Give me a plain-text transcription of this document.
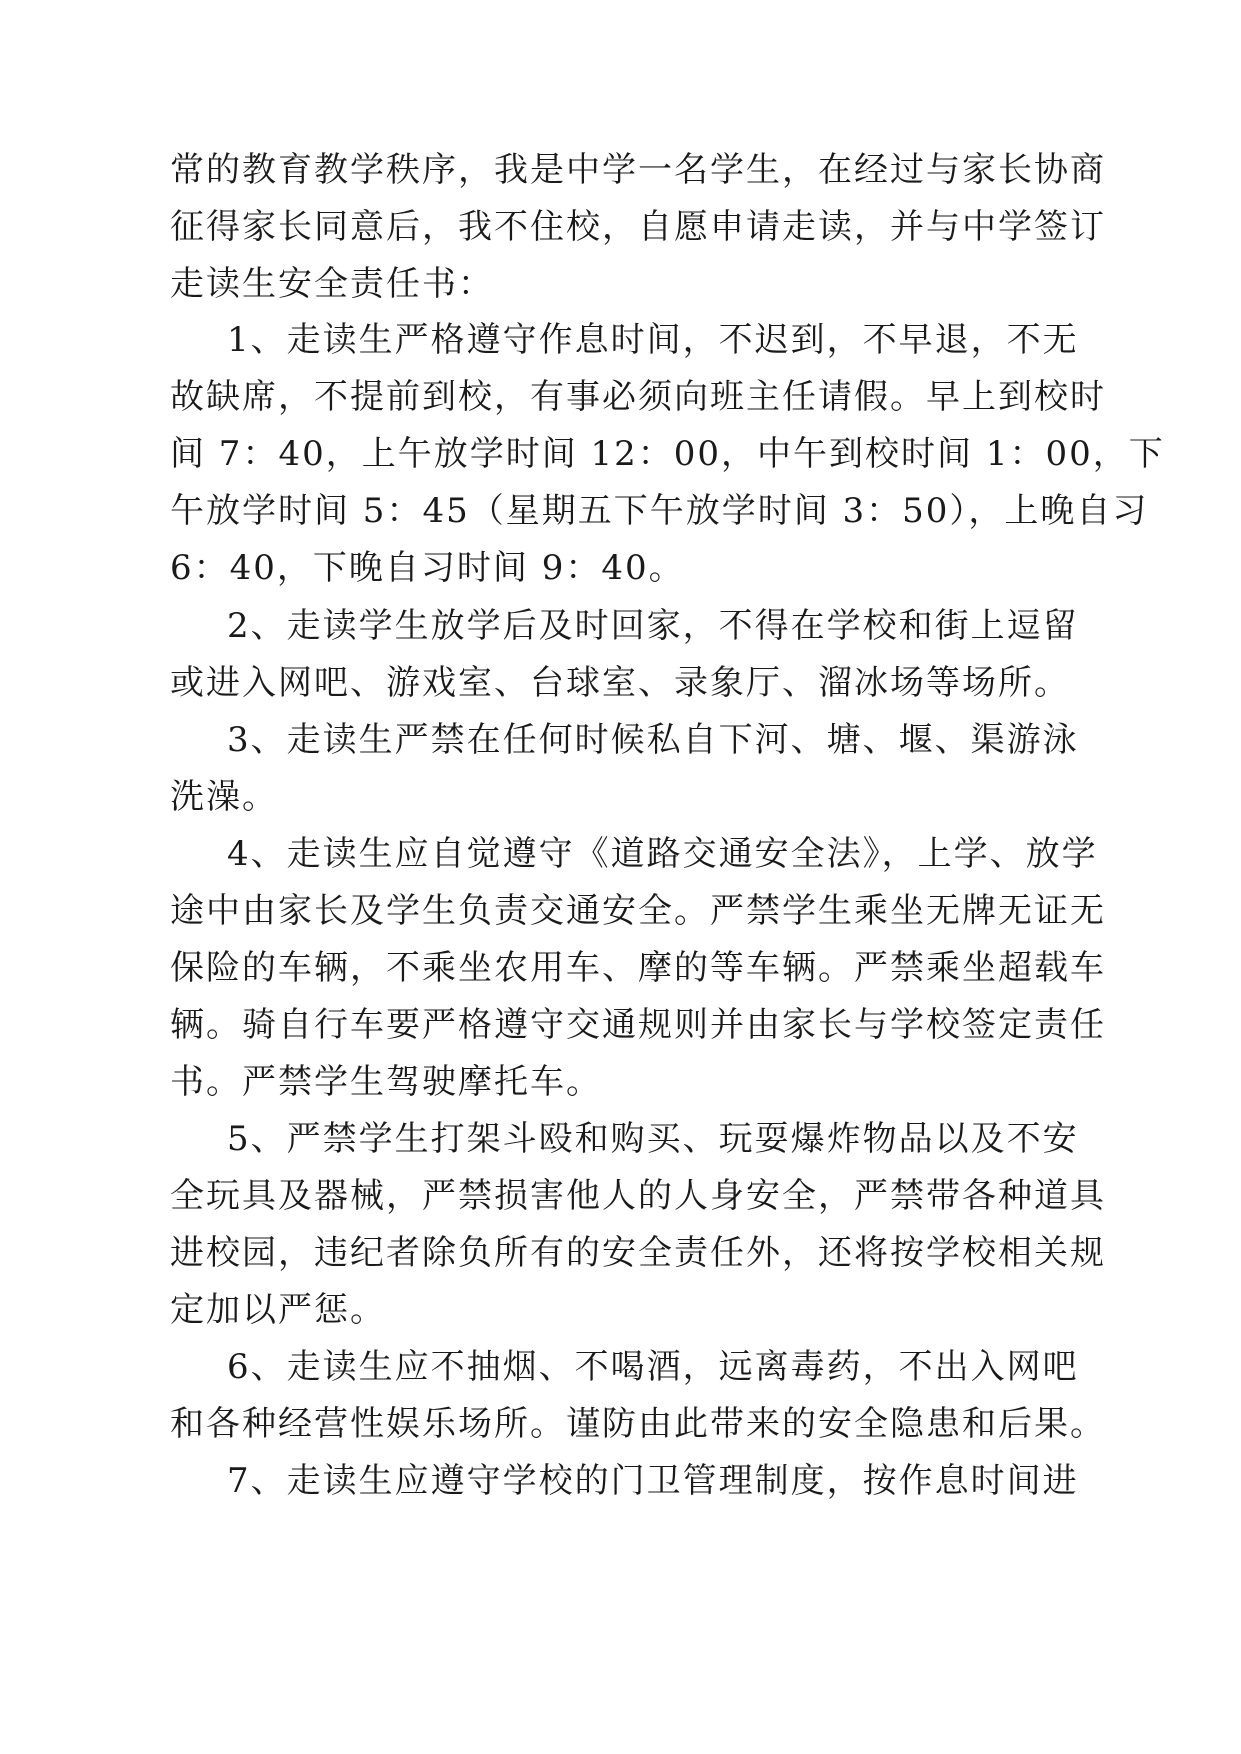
常的教育教学秩序，我是中学一名学生，在经过与家长协商
征得家长同意后，我不住校，自愿申请走读，并与中学签订
走读生安全责任书：
1、走读生严格遵守作息时间，不迟到，不早退，不无
故缺席，不提前到校，有事必须向班主任请假。早上到校时
间 7：40，上午放学时间 12：00，中午到校时间 1：00，下
午放学时间 5：45（星期五下午放学时间 3：50），上晚自习
6：40，下晚自习时间 9：40。
2、走读学生放学后及时回家，不得在学校和街上逗留
或进入网吧、游戏室、台球室、录象厅、溜冰场等场所。
3、走读生严禁在任何时候私自下河、塘、堰、渠游泳
洗澡。
4、走读生应自觉遵守《道路交通安全法》，上学、放学
途中由家长及学生负责交通安全。严禁学生乘坐无牌无证无
保险的车辆，不乘坐农用车、摩的等车辆。严禁乘坐超载车
辆。骑自行车要严格遵守交通规则并由家长与学校签定责任
书。严禁学生驾驶摩托车。
5、严禁学生打架斗殴和购买、玩耍爆炸物品以及不安
全玩具及器械，严禁损害他人的人身安全，严禁带各种道具
进校园，违纪者除负所有的安全责任外，还将按学校相关规
定加以严惩。
6、走读生应不抽烟、不喝酒，远离毒药，不出入网吧
和各种经营性娱乐场所。谨防由此带来的安全隐患和后果。
7、走读生应遵守学校的门卫管理制度，按作息时间进
